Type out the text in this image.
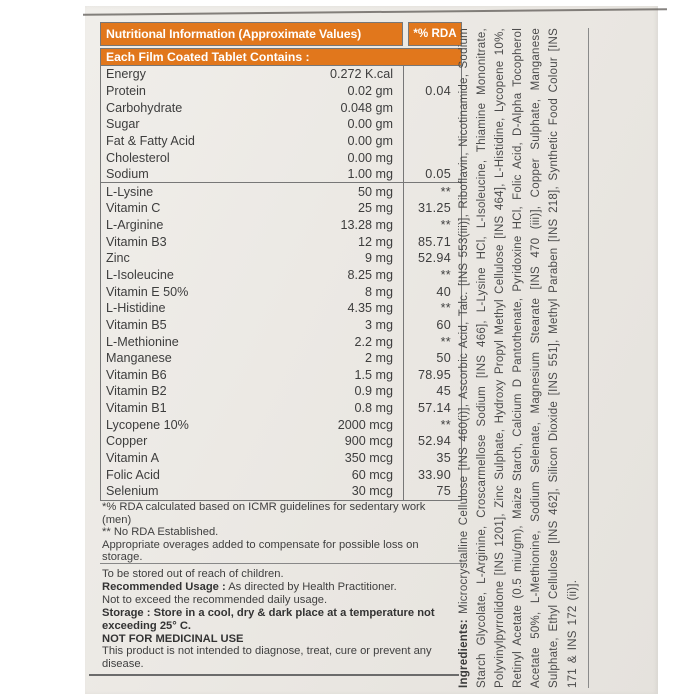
Nutritional Information (Approximate Values)	*% RDA
Each Film Coated Tablet Contains :
Energy	0.272 K.cal
Protein	0.02 gm	0.04
Carbohydrate	0.048 gm
Sugar	0.00 gm
Fat & Fatty Acid	0.00 gm
Cholesterol	0.00 mg
Sodium	1.00 mg	0.05
L-Lysine	50 mg	**
Vitamin C	25 mg	31.25
L-Arginine	13.28 mg	**
Vitamin B3	12 mg	85.71
Zinc	9 mg	52.94
L-Isoleucine	8.25 mg	**
Vitamin E 50%	8 mg	40
L-Histidine	4.35 mg	**
Vitamin B5	3 mg	60
L-Methionine	2.2 mg	**
Manganese	2 mg	50
Vitamin B6	1.5 mg	78.95
Vitamin B2	0.9 mg	45
Vitamin B1	0.8 mg	57.14
Lycopene 10%	2000 mcg	**
Copper	900 mcg	52.94
Vitamin A	350 mcg	35
Folic Acid	60 mcg	33.90
Selenium	30 mcg	75
*% RDA calculated based on ICMR guidelines for sedentary work (men)
** No RDA Established.
Appropriate overages added to compensate for possible loss on storage.
To be stored out of reach of children.
Recommended Usage : As directed by Health Practitioner.
Not to exceed the recommended daily usage.
Storage : Store in a cool, dry & dark place at a temperature not exceeding 25° C.
NOT FOR MEDICINAL USE
This product is not intended to diagnose, treat, cure or prevent any disease.	Ingredients: Microcrystalline Cellulose [INS 460(i)], Ascorbic Acid, Talc. [INS 553(iii)], Riboflavin, Nicotinamide, Sodium Starch Glycolate, L-Arginine, Croscarmellose Sodium [INS 466], L-Lysine HCl, L-Isoleucine, Thiamine Mononitrate, Polyvinylpyrrolidone [INS 1201], Zinc Sulphate, Hydroxy Propyl Methyl Cellulose [INS 464], L-Histidine, Lycopene 10%, Retinyl Acetate (0.5 miu/gm), Maize Starch, Calcium D Pantothenate, Pyridoxine HCl, Folic Acid, D-Alpha Tocopherol Acetate 50%, L-Methionine, Sodium Selenate, Magnesium Stearate [INS 470 (iii)], Copper Sulphate, Manganese Sulphate, Ethyl Cellulose [INS 462], Silicon Dioxide [INS 551], Methyl Paraben [INS 218], Synthetic Food Colour [INS 171 & INS 172 (ii)].
